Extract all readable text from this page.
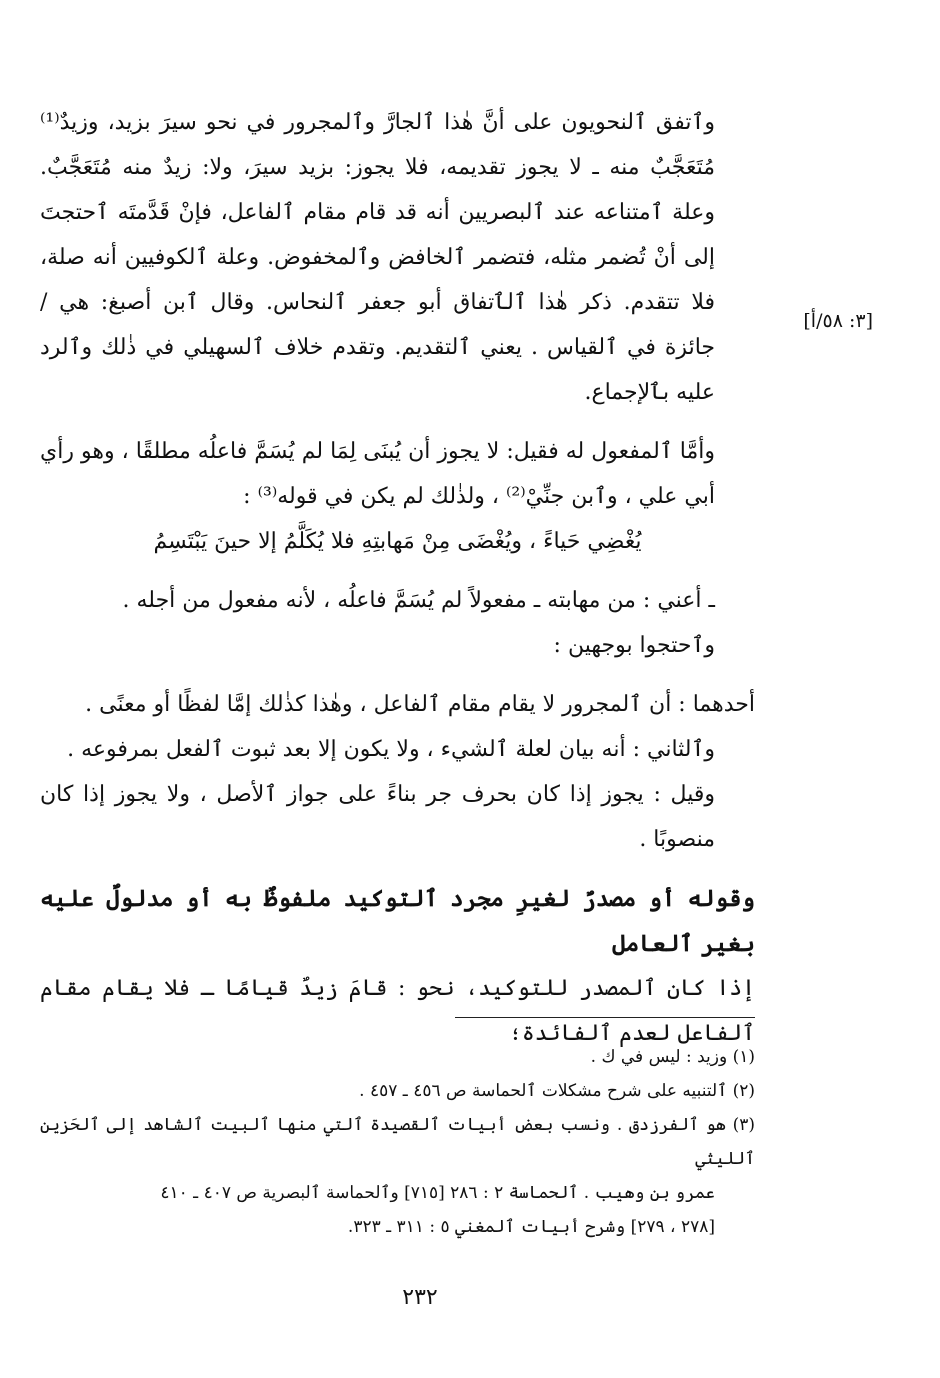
[٣: ٥٨/أ]

وٱتفق ٱلنحويون على أنَّ هٰذا ٱلجارَّ وٱلمجرور في نحو سيرَ بزيد، وزيدٌ⁽¹⁾ مُتَعَجَّبٌ منه ـ لا يجوز تقديمه، فلا يجوز: بزيد سيرَ، ولا: زيدٌ منه مُتَعَجَّبٌ. وعلة ٱمتناعه عند ٱلبصريين أنه قد قام مقام ٱلفاعل، فإنْ قَدَّمتَه ٱحتجتَ إلى أنْ تُضمر مثله، فتضمر ٱلخافض وٱلمخفوض. وعلة ٱلكوفيين أنه صلة، فلا تتقدم. ذكر هٰذا ٱلٱتفاق أبو جعفر ٱلنحاس. وقال ٱبن أصبغ: هي / جائزة في ٱلقياس . يعني ٱلتقديم. وتقدم خلاف ٱلسهيلي في ذٰلك وٱلرد عليه بٱلإجماع.

وأمَّا ٱلمفعول له فقيل: لا يجوز أن يُبنَى لِمَا لم يُسَمَّ فاعلُه مطلقًا ، وهو رأي أبي علي ، وٱبن جنِّيْ⁽²⁾ ، ولذٰلك لم يكن في قوله⁽³⁾ :

يُغْضِي حَياءً ، ويُغْضَى مِنْ مَهابتِهِ فلا يُكَلَّمُ إلا حينَ يَبْتَسِمُ

ـ أعني : من مهابته ـ مفعولاً لم يُسَمَّ فاعلُه ، لأنه مفعول من أجله .

وٱحتجوا بوجهين :

أحدهما : أن ٱلمجرور لا يقام مقام ٱلفاعل ، وهٰذا كذٰلك إمَّا لفظًا أو معنًى .

وٱلثاني : أنه بيان لعلة ٱلشيء ، ولا يكون إلا بعد ثبوت ٱلفعل بمرفوعه .

وقيل : يجوز إذا كان بحرف جر بناءً على جواز ٱلأصل ، ولا يجوز إذا كان منصوبًا .

وقوله أو مصدرٌ لغيرِ مجرد ٱلتوكيد ملفوظٌ به أو مدلولٌ عليه بغير ٱلعامل

إذا كان ٱلمصدر للتوكيد، نحو : قامَ زيدٌ قيامًا ـ فلا يقام مقام ٱلفاعل لعدم ٱلفائدة؛

(١) وزيد : ليس في ك .

(٢) ٱلتنبيه على شرح مشكلات ٱلحماسة ص ٤٥٦ ـ ٤٥٧ .

(٣) هو ٱلفرزدق . ونسب بعض أبيات ٱلقصيدة ٱلتي منها ٱلبيت ٱلشاهد إلى ٱلحَزين ٱلليثي

عمرو بن وهيب . ٱلحماسة ٢ : ٢٨٦ [٧١٥] وٱلحماسة ٱلبصرية ص ٤٠٧ ـ ٤١٠

[٢٧٨ ، ٢٧٩] وشرح أبيات ٱلمغني ٥ : ٣١١ ـ ٣٢٣.

٢٣٢
